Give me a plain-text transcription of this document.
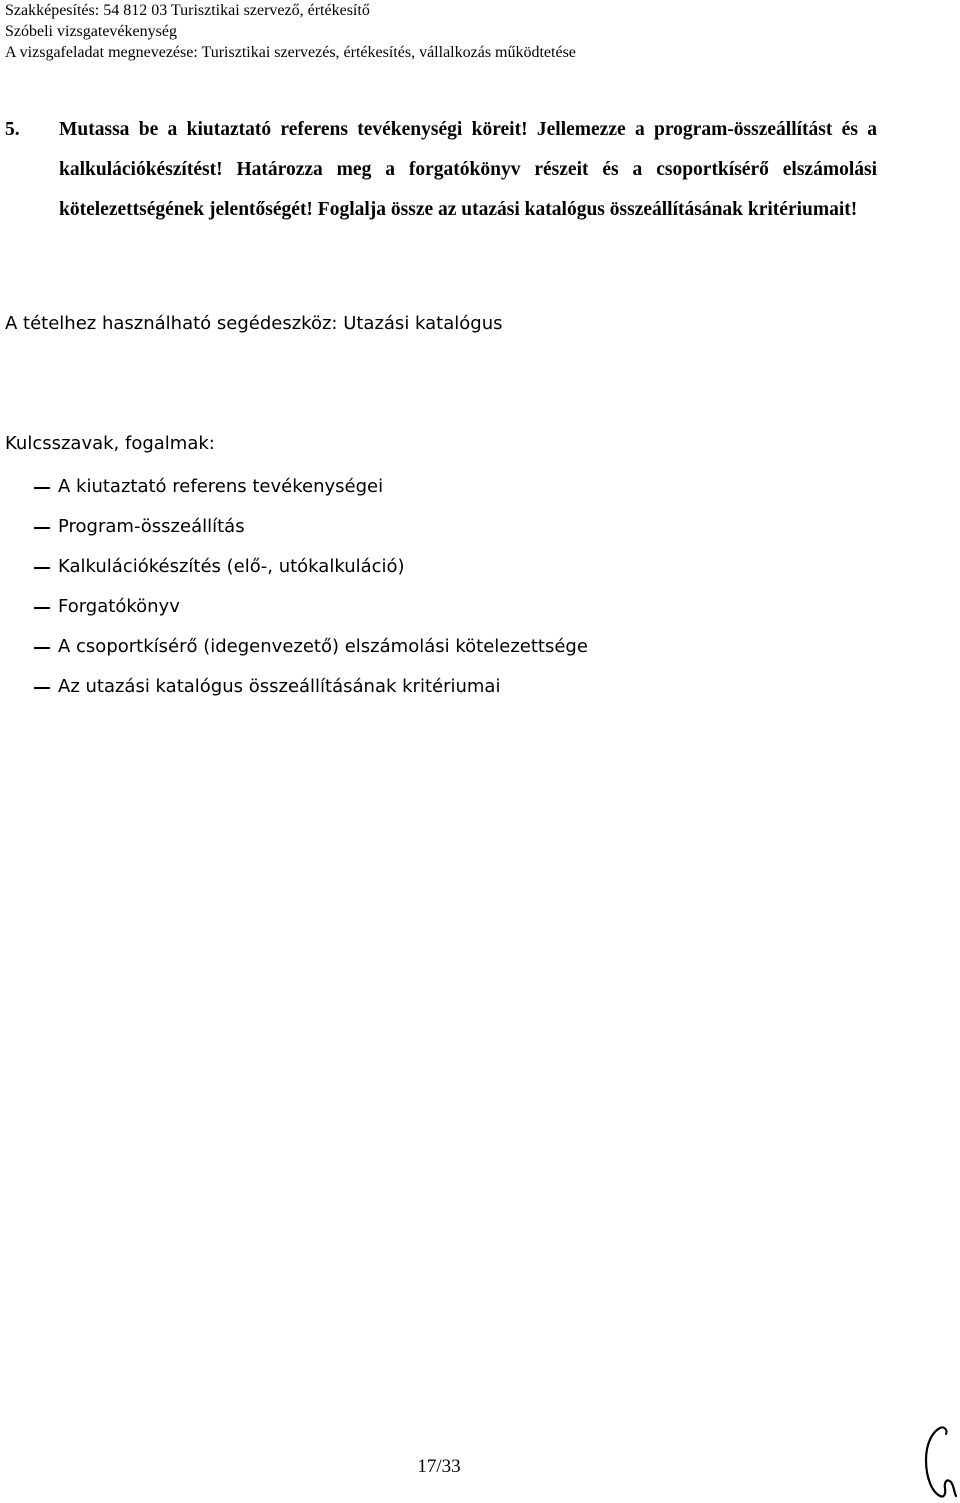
Szakképesítés: 54 812 03 Turisztikai szervező, értékesítő
Szóbeli vizsgatevékenység
A vizsgafeladat megnevezése: Turisztikai szervezés, értékesítés, vállalkozás működtetése
5. Mutassa be a kiutaztató referens tevékenységi köreit! Jellemezze a program-összeállítást és a kalkulációkészítést! Határozza meg a forgatókönyv részeit és a csoportkísérő elszámolási kötelezettségének jelentőségét! Foglalja össze az utazási katalógus összeállításának kritériumait!
A tételhez használható segédeszköz: Utazási katalógus
Kulcsszavak, fogalmak:
A kiutaztató referens tevékenységei
Program-összeállítás
Kalkulációkészítés (elő-, utókalkuláció)
Forgatókönyv
A csoportkísérő (idegenvezető) elszámolási kötelezettsége
Az utazási katalógus összeállításának kritériumai
17/33
